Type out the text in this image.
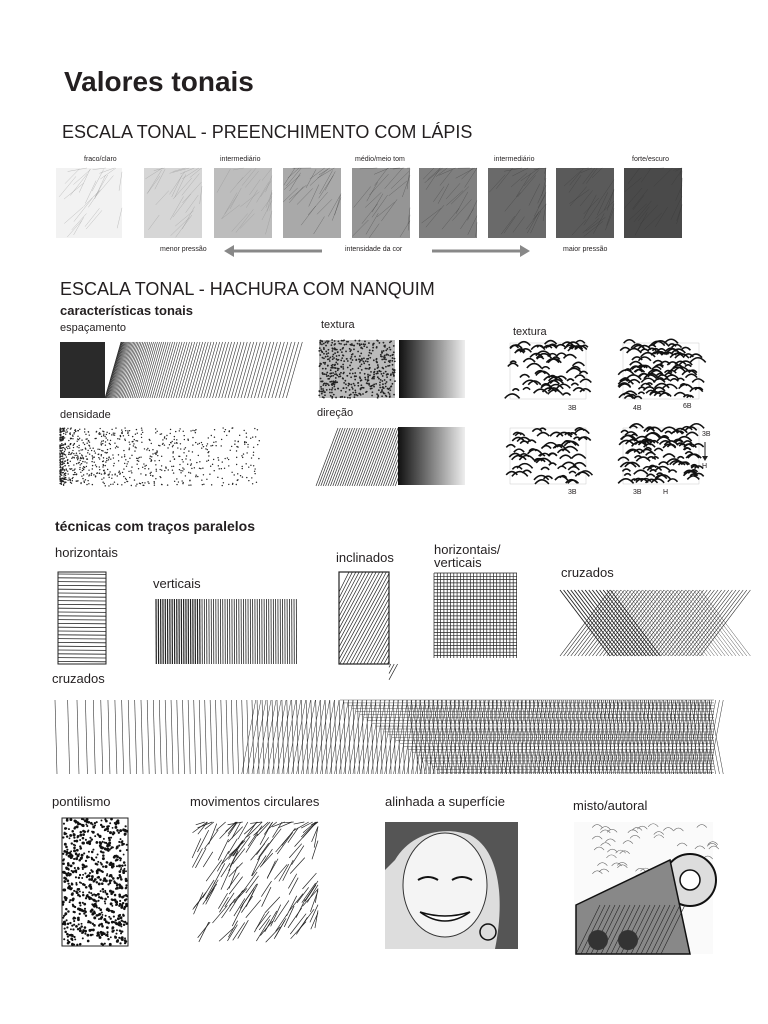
Valores tonais
ESCALA TONAL - PREENCHIMENTO COM LÁPIS
fraco/claro	intermediário	médio/meio tom	intermediário	forte/escuro
menor pressão	intensidade da cor	maior pressão
ESCALA TONAL - HACHURA COM NANQUIM
características tonais
espaçamento
densidade
textura
direção
textura
3B	4B	6B
3B	3B	H
3B
H
técnicas com traços paralelos
horizontais
verticais
inclinados
horizontais/
verticais
cruzados
cruzados
pontilismo	movimentos circulares	alinhada a superfície	misto/autoral
